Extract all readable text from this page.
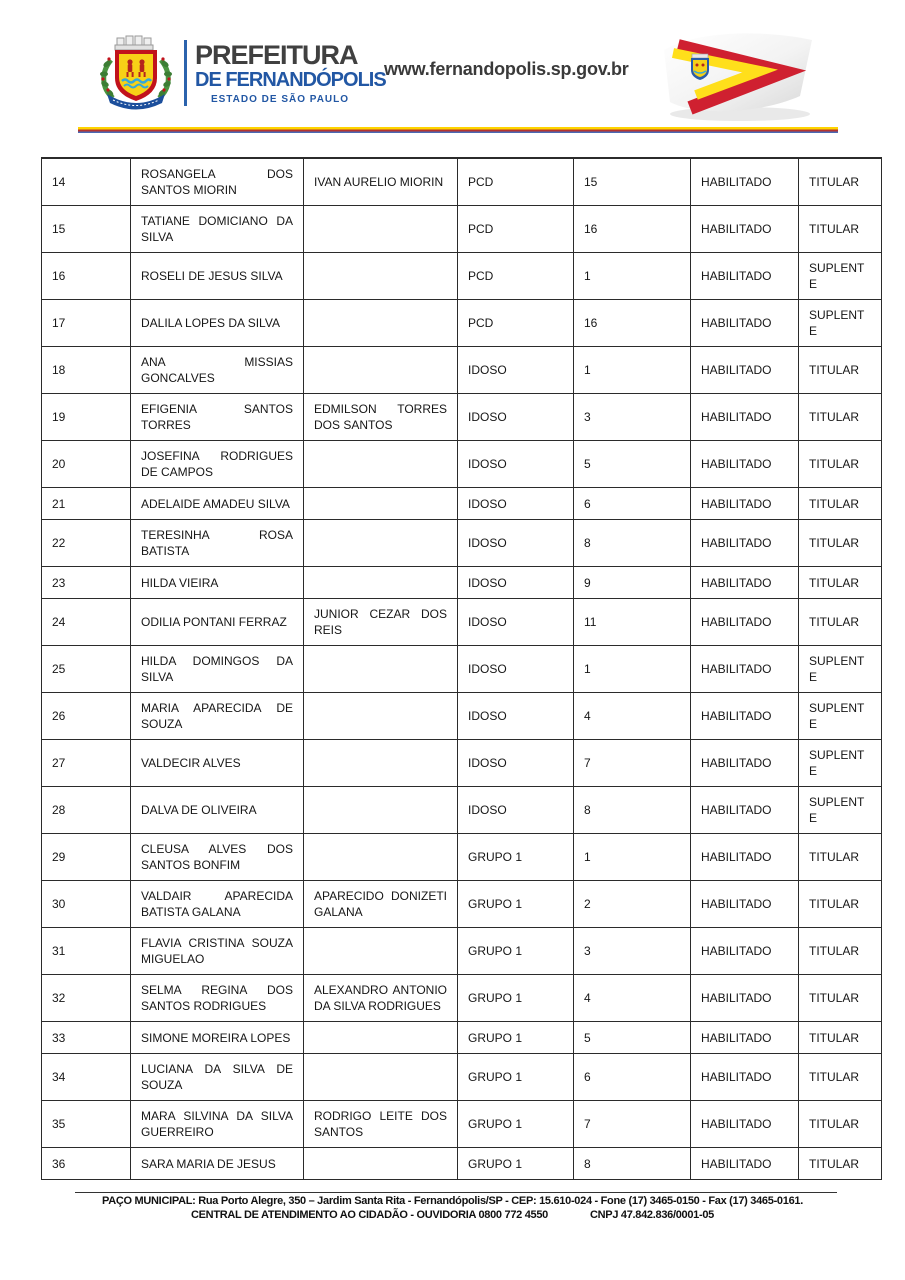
PREFEITURA
DE FERNANDÓPOLIS
ESTADO DE SÃO PAULO
www.fernandopolis.sp.gov.br
14	ROSANGELA DOS SANTOS MIORIN	IVAN AURELIO MIORIN	PCD	15	HABILITADO	TITULAR
15	TATIANE DOMICIANO DA SILVA		PCD	16	HABILITADO	TITULAR
16	ROSELI DE JESUS SILVA		PCD	1	HABILITADO	SUPLENTE
17	DALILA LOPES DA SILVA		PCD	16	HABILITADO	SUPLENTE
18	ANA MISSIAS GONCALVES		IDOSO	1	HABILITADO	TITULAR
19	EFIGENIA SANTOS TORRES	EDMILSON TORRES DOS SANTOS	IDOSO	3	HABILITADO	TITULAR
20	JOSEFINA RODRIGUES DE CAMPOS		IDOSO	5	HABILITADO	TITULAR
21	ADELAIDE AMADEU SILVA		IDOSO	6	HABILITADO	TITULAR
22	TERESINHA ROSA BATISTA		IDOSO	8	HABILITADO	TITULAR
23	HILDA VIEIRA		IDOSO	9	HABILITADO	TITULAR
24	ODILIA PONTANI FERRAZ	JUNIOR CEZAR DOS REIS	IDOSO	11	HABILITADO	TITULAR
25	HILDA DOMINGOS DA SILVA		IDOSO	1	HABILITADO	SUPLENTE
26	MARIA APARECIDA DE SOUZA		IDOSO	4	HABILITADO	SUPLENTE
27	VALDECIR ALVES		IDOSO	7	HABILITADO	SUPLENTE
28	DALVA DE OLIVEIRA		IDOSO	8	HABILITADO	SUPLENTE
29	CLEUSA ALVES DOS SANTOS BONFIM		GRUPO 1	1	HABILITADO	TITULAR
30	VALDAIR APARECIDA BATISTA GALANA	APARECIDO DONIZETI GALANA	GRUPO 1	2	HABILITADO	TITULAR
31	FLAVIA CRISTINA SOUZA MIGUELAO		GRUPO 1	3	HABILITADO	TITULAR
32	SELMA REGINA DOS SANTOS RODRIGUES	ALEXANDRO ANTONIO DA SILVA RODRIGUES	GRUPO 1	4	HABILITADO	TITULAR
33	SIMONE MOREIRA LOPES		GRUPO 1	5	HABILITADO	TITULAR
34	LUCIANA DA SILVA DE SOUZA		GRUPO 1	6	HABILITADO	TITULAR
35	MARA SILVINA DA SILVA GUERREIRO	RODRIGO LEITE DOS SANTOS	GRUPO 1	7	HABILITADO	TITULAR
36	SARA MARIA DE JESUS		GRUPO 1	8	HABILITADO	TITULAR
PAÇO MUNICIPAL: Rua Porto Alegre, 350 – Jardim Santa Rita - Fernandópolis/SP - CEP: 15.610-024 - Fone (17) 3465-0150 - Fax (17) 3465-0161.
CENTRAL DE ATENDIMENTO AO CIDADÃO - OUVIDORIA 0800 772 4550	CNPJ 47.842.836/0001-05
